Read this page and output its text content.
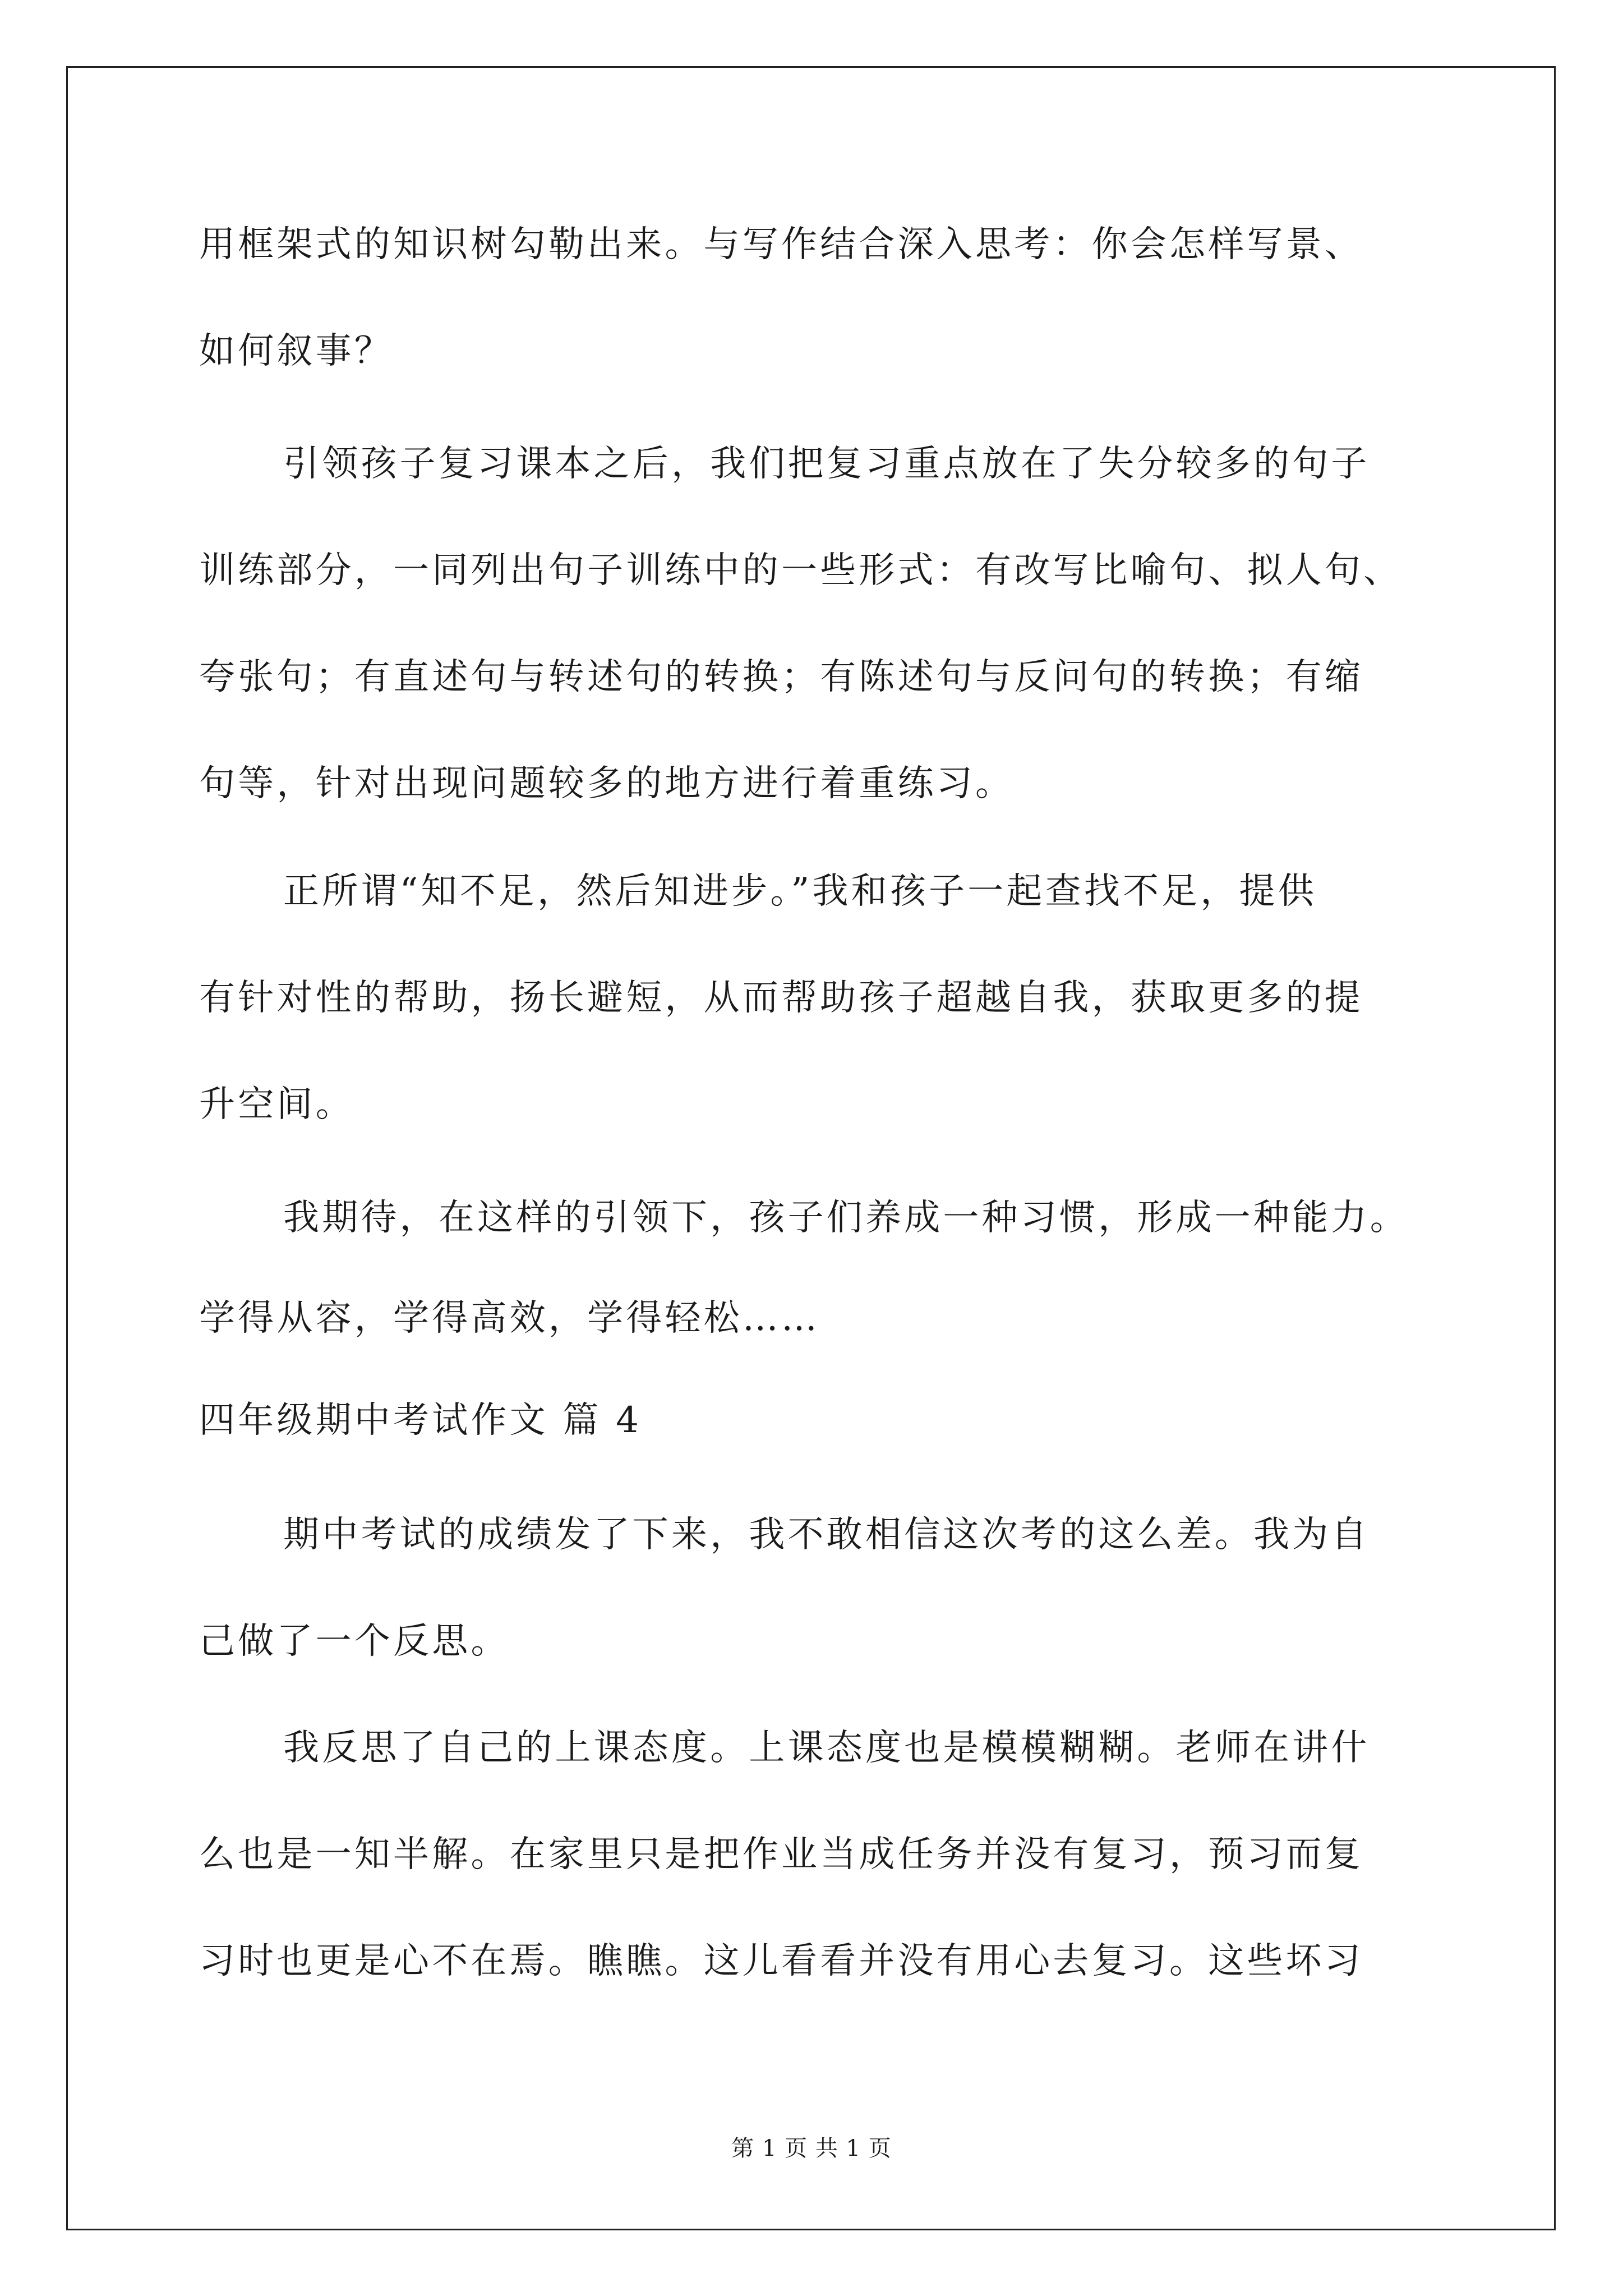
用框架式的知识树勾勒出来。与写作结合深入思考：你会怎样写景、
如何叙事？
引领孩子复习课本之后，我们把复习重点放在了失分较多的句子
训练部分，一同列出句子训练中的一些形式：有改写比喻句、拟人句、
夸张句；有直述句与转述句的转换；有陈述句与反问句的转换；有缩
句等，针对出现问题较多的地方进行着重练习。
正所谓“知不足，然后知进步。”我和孩子一起查找不足，提供
有针对性的帮助，扬长避短，从而帮助孩子超越自我，获取更多的提
升空间。
我期待，在这样的引领下，孩子们养成一种习惯，形成一种能力。
学得从容，学得高效，学得轻松……
四年级期中考试作文 篇 4
期中考试的成绩发了下来，我不敢相信这次考的这么差。我为自
己做了一个反思。
我反思了自己的上课态度。上课态度也是模模糊糊。老师在讲什
么也是一知半解。在家里只是把作业当成任务并没有复习，预习而复
习时也更是心不在焉。瞧瞧。这儿看看并没有用心去复习。这些坏习
第 1 页 共 1 页
